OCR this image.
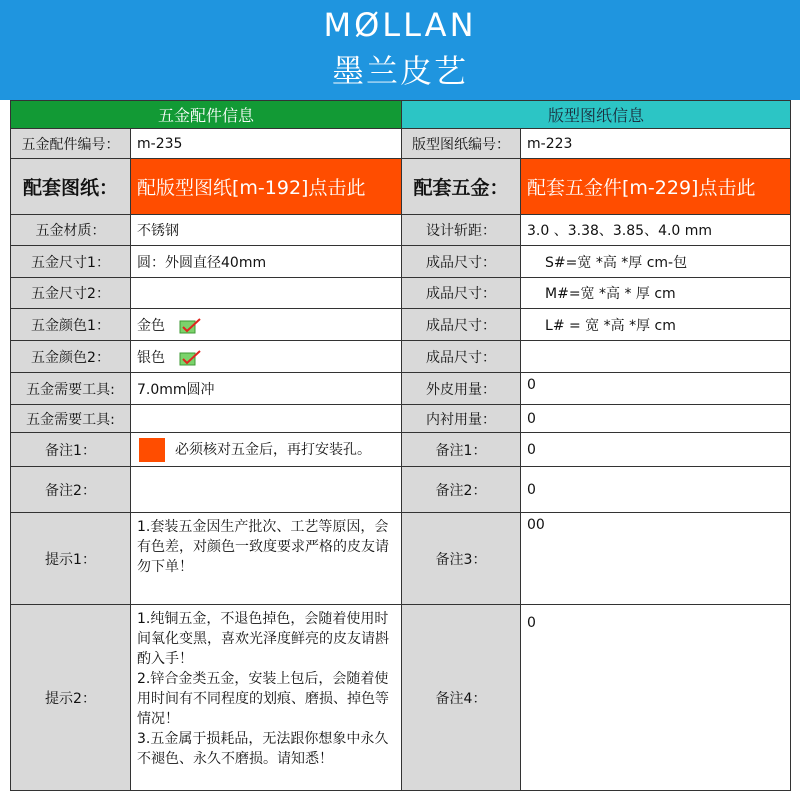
MØLLAN
墨兰皮艺
五金配件信息		版型图纸信息	
五金配件编号：	m-235	版型图纸编号：	m-223
配套图纸：	配版型图纸[m-192]点击此	配套五金：	配套五金件[m-229]点击此
五金材质：	不锈钢	设计斩距：	3.0 、3.38、3.85、4.0 mm
五金尺寸1：	圆：外圆直径40mm	成品尺寸：	S#=宽 *高 *厚 cm-包
五金尺寸2：		成品尺寸：	M#=宽 *高 * 厚 cm
五金颜色1：	金色	成品尺寸：	L# = 宽 *高 *厚 cm
五金颜色2：	银色	成品尺寸：	
五金需要工具:	7.0mm圆冲	外皮用量：	0
五金需要工具:		内衬用量：	0
备注1：	必须核对五金后，再打安装孔。	备注1：	0
备注2：		备注2：	0
提示1：	1.套装五金因生产批次、工艺等原因，会有色差，对颜色一致度要求严格的皮友请勿下单！	备注3：	00
提示2：	1.纯铜五金，不退色掉色，会随着使用时间氧化变黑，喜欢光泽度鲜亮的皮友请斟酌入手！
2.锌合金类五金，安装上包后，会随着使用时间有不同程度的划痕、磨损、掉色等情况！
3.五金属于损耗品，无法跟你想象中永久不褪色、永久不磨损。请知悉！	备注4：	0
